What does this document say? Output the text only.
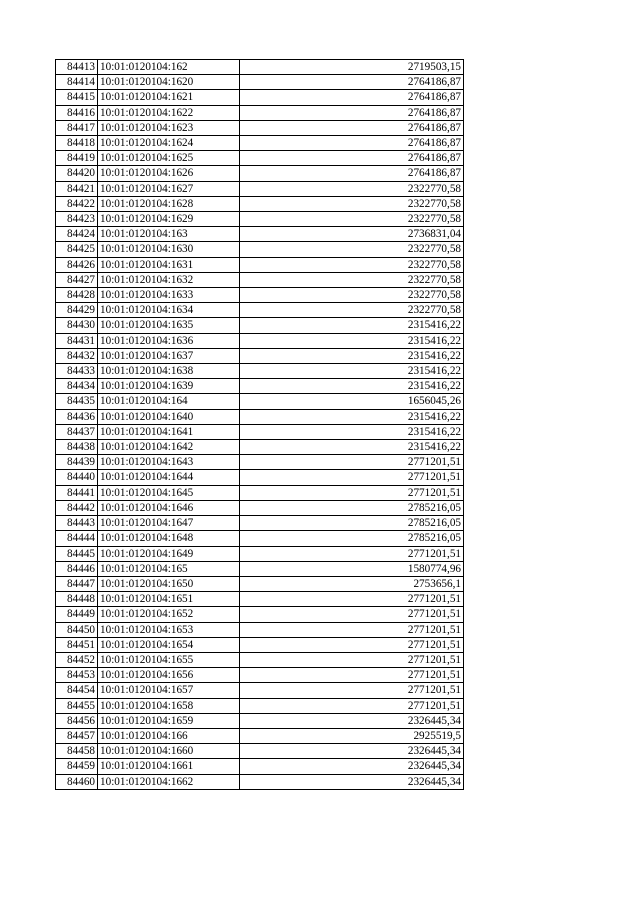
84413	10:01:0120104:162	2719503,15
84414	10:01:0120104:1620	2764186,87
84415	10:01:0120104:1621	2764186,87
84416	10:01:0120104:1622	2764186,87
84417	10:01:0120104:1623	2764186,87
84418	10:01:0120104:1624	2764186,87
84419	10:01:0120104:1625	2764186,87
84420	10:01:0120104:1626	2764186,87
84421	10:01:0120104:1627	2322770,58
84422	10:01:0120104:1628	2322770,58
84423	10:01:0120104:1629	2322770,58
84424	10:01:0120104:163	2736831,04
84425	10:01:0120104:1630	2322770,58
84426	10:01:0120104:1631	2322770,58
84427	10:01:0120104:1632	2322770,58
84428	10:01:0120104:1633	2322770,58
84429	10:01:0120104:1634	2322770,58
84430	10:01:0120104:1635	2315416,22
84431	10:01:0120104:1636	2315416,22
84432	10:01:0120104:1637	2315416,22
84433	10:01:0120104:1638	2315416,22
84434	10:01:0120104:1639	2315416,22
84435	10:01:0120104:164	1656045,26
84436	10:01:0120104:1640	2315416,22
84437	10:01:0120104:1641	2315416,22
84438	10:01:0120104:1642	2315416,22
84439	10:01:0120104:1643	2771201,51
84440	10:01:0120104:1644	2771201,51
84441	10:01:0120104:1645	2771201,51
84442	10:01:0120104:1646	2785216,05
84443	10:01:0120104:1647	2785216,05
84444	10:01:0120104:1648	2785216,05
84445	10:01:0120104:1649	2771201,51
84446	10:01:0120104:165	1580774,96
84447	10:01:0120104:1650	2753656,1
84448	10:01:0120104:1651	2771201,51
84449	10:01:0120104:1652	2771201,51
84450	10:01:0120104:1653	2771201,51
84451	10:01:0120104:1654	2771201,51
84452	10:01:0120104:1655	2771201,51
84453	10:01:0120104:1656	2771201,51
84454	10:01:0120104:1657	2771201,51
84455	10:01:0120104:1658	2771201,51
84456	10:01:0120104:1659	2326445,34
84457	10:01:0120104:166	2925519,5
84458	10:01:0120104:1660	2326445,34
84459	10:01:0120104:1661	2326445,34
84460	10:01:0120104:1662	2326445,34
